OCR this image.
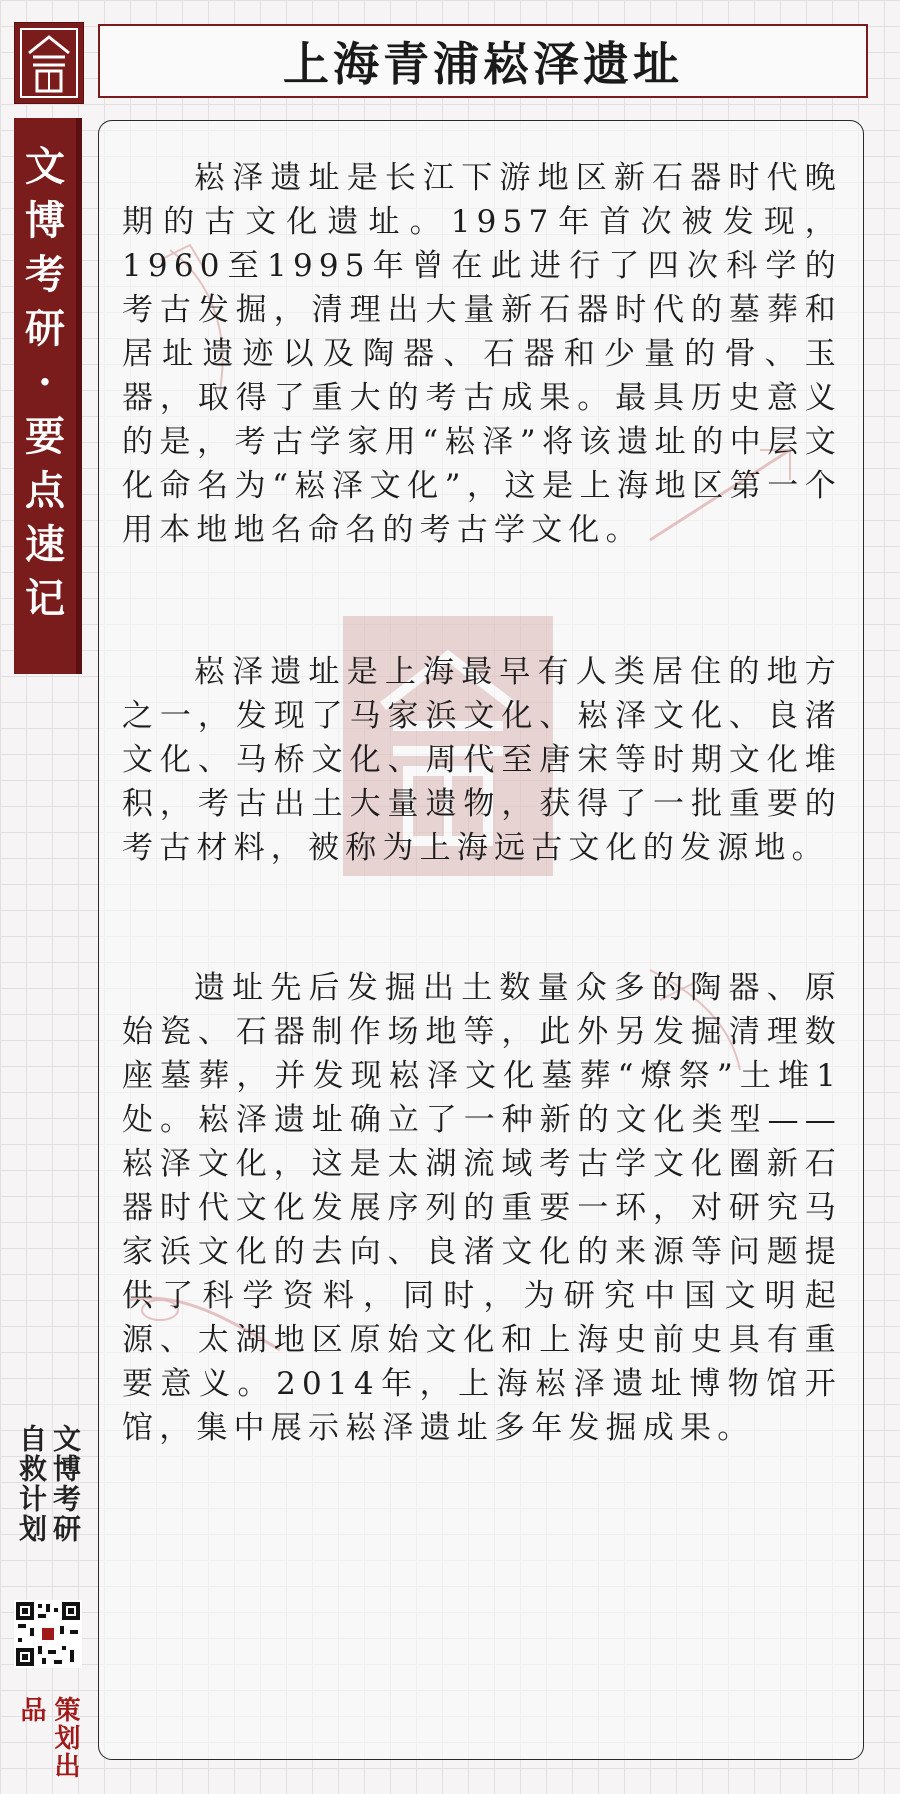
上海青浦崧泽遗址
文
博
考
研
·
要
点
速
记

崧泽遗址是长江下游地区新石器时代晚期的古文化遗址。1957年首次被发现，1960至1995年曾在此进行了四次科学的考古发掘，清理出大量新石器时代的墓葬和居址遗迹以及陶器、石器和少量的骨、玉器，取得了重大的考古成果。最具历史意义的是，考古学家用“崧泽”将该遗址的中层文化命名为“崧泽文化”，这是上海地区第一个用本地地名命名的考古学文化。

崧泽遗址是上海最早有人类居住的地方之一，发现了马家浜文化、崧泽文化、良渚文化、马桥文化、周代至唐宋等时期文化堆积，考古出土大量遗物，获得了一批重要的考古材料，被称为上海远古文化的发源地。

遗址先后发掘出土数量众多的陶器、原始瓷、石器制作场地等，此外另发掘清理数座墓葬，并发现崧泽文化墓葬“燎祭”土堆1处。崧泽遗址确立了一种新的文化类型——崧泽文化，这是太湖流域考古学文化圈新石器时代文化发展序列的重要一环，对研究马家浜文化的去向、良渚文化的来源等问题提供了科学资料，同时，为研究中国文明起源、太湖地区原始文化和上海史前史具有重要意义。2014年，上海崧泽遗址博物馆开馆，集中展示崧泽遗址多年发掘成果。

文博考研
自救计划
策划出品
